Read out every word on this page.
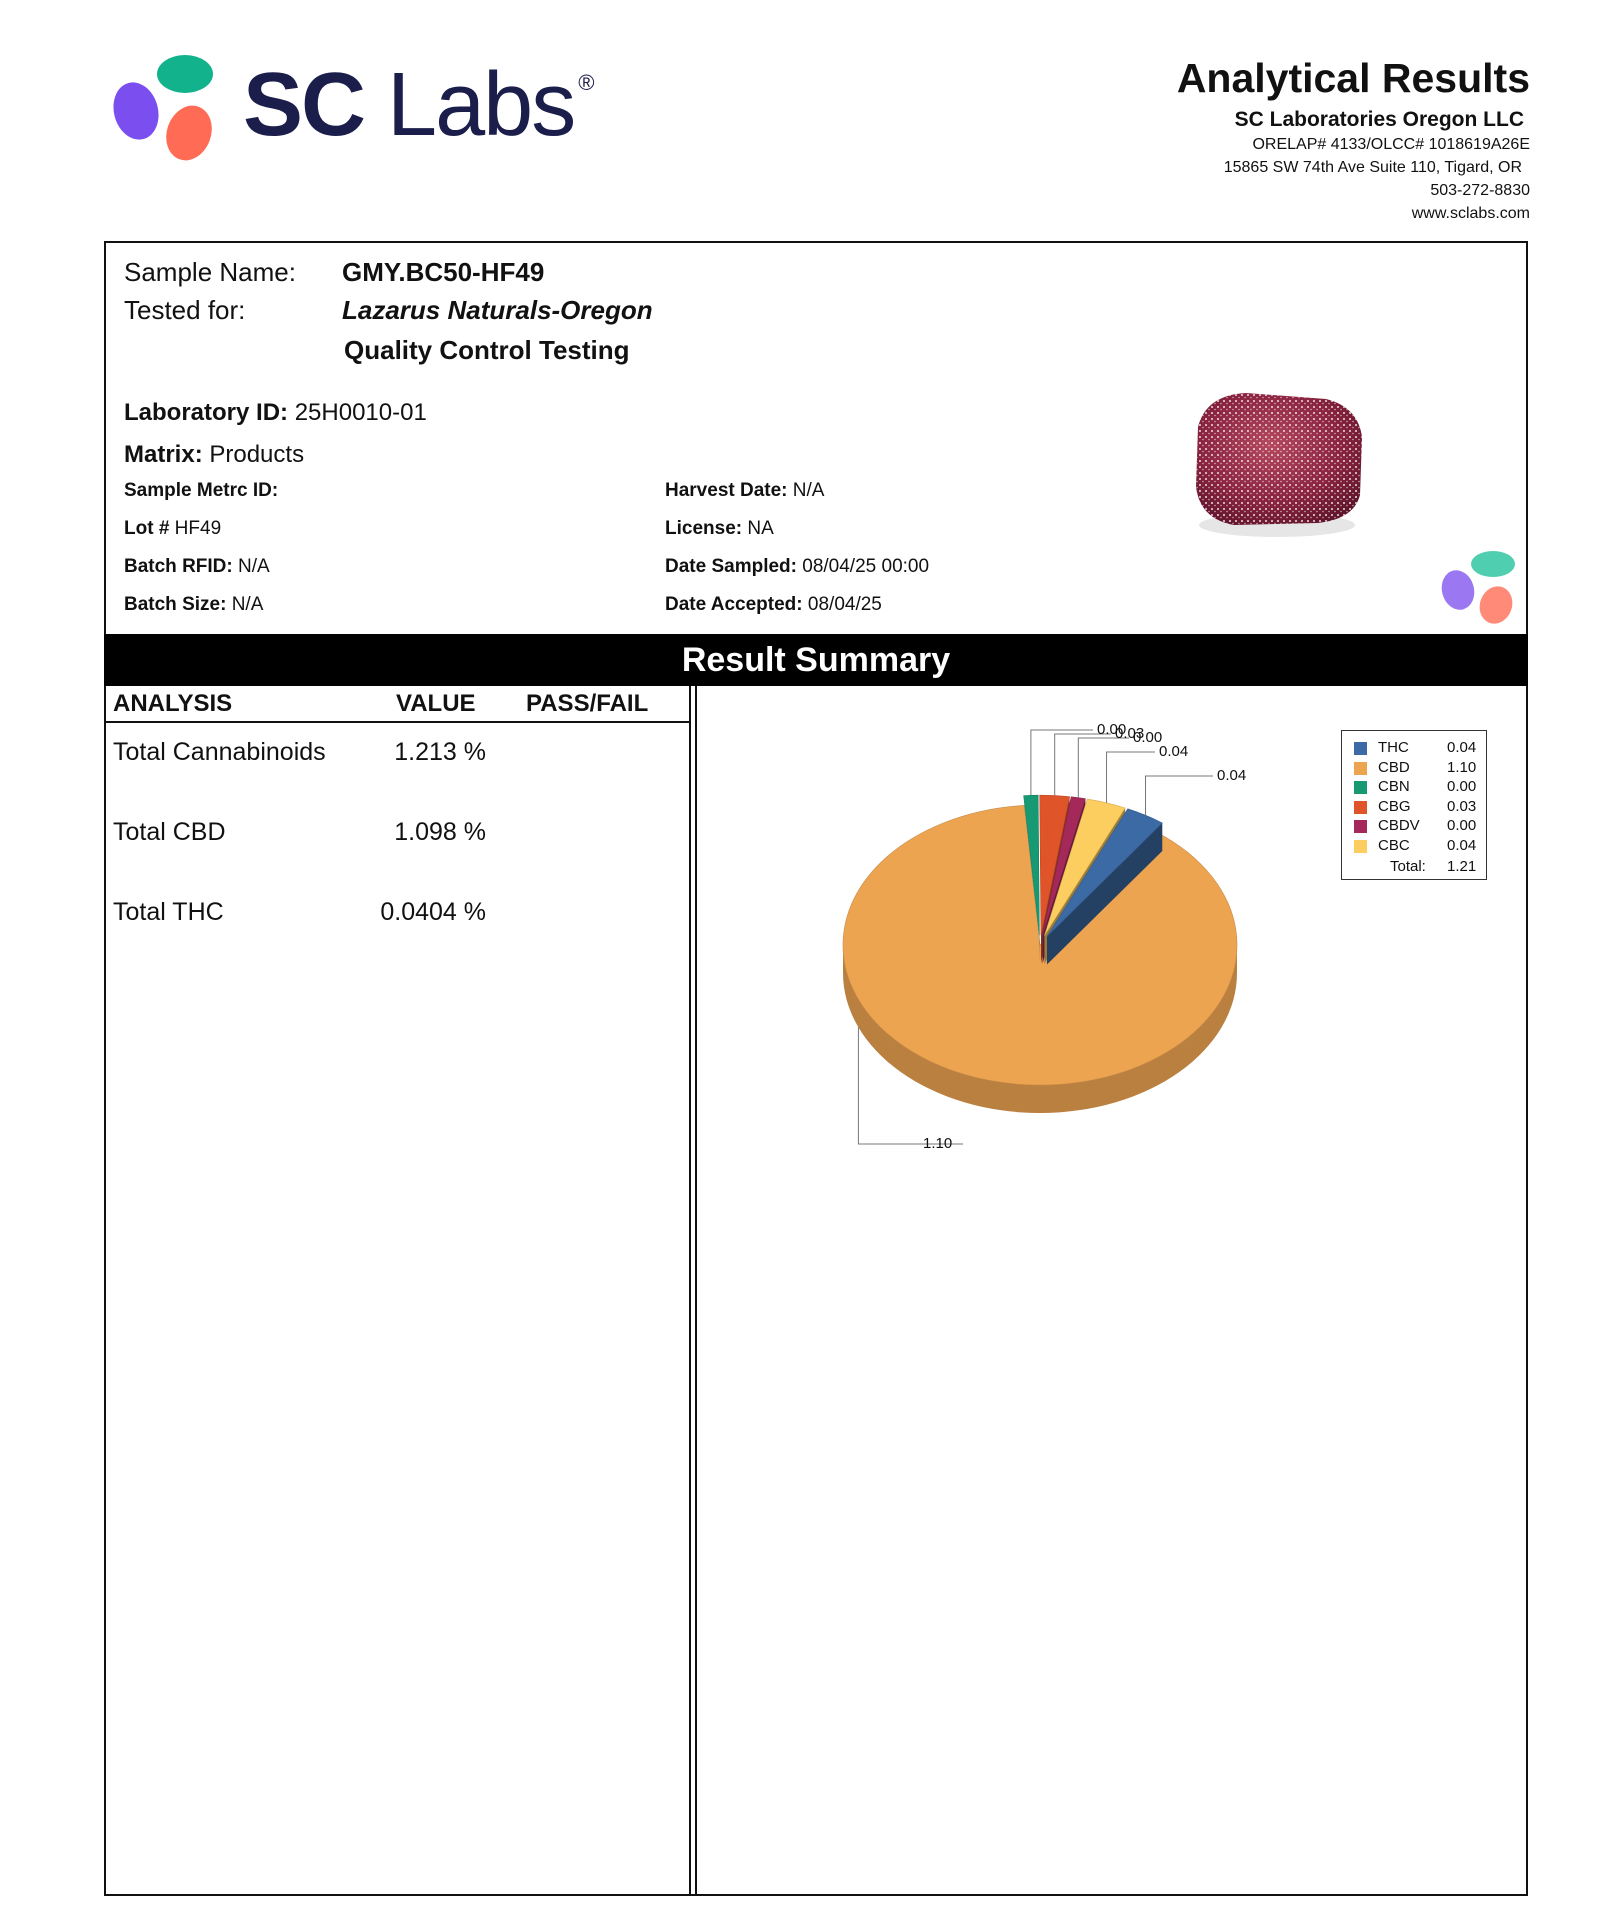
SC Labs ®	Analytical Results
SC Laboratories Oregon LLC
ORELAP# 4133/OLCC# 1018619A26E
15865 SW 74th Ave Suite 110, Tigard, OR
503-272-8830
www.sclabs.com
Sample Name: GMY.BC50-HF49
Tested for:	Lazarus Naturals-Oregon
Quality Control Testing
Laboratory ID: 25H0010-01
Matrix: Products
Sample Metrc ID:
Lot # HF49
Batch RFID: N/A
Batch Size: N/A
Harvest Date: N/A
License: NA
Date Sampled: 08/04/25 00:00
Date Accepted: 08/04/25
Result Summary
ANALYSIS	VALUE PASS/FAIL
Total Cannabinoids	1.213 %
Total CBD	1.098 %
Total THC	0.0404 %
0.00
0.03
0.00
0.04
0.04
1.10
THC	0.04
CBD 1.10
CBN 0.00
CBG 0.03
CBDV 0.00
CBC 0.04
Total: 1.21
